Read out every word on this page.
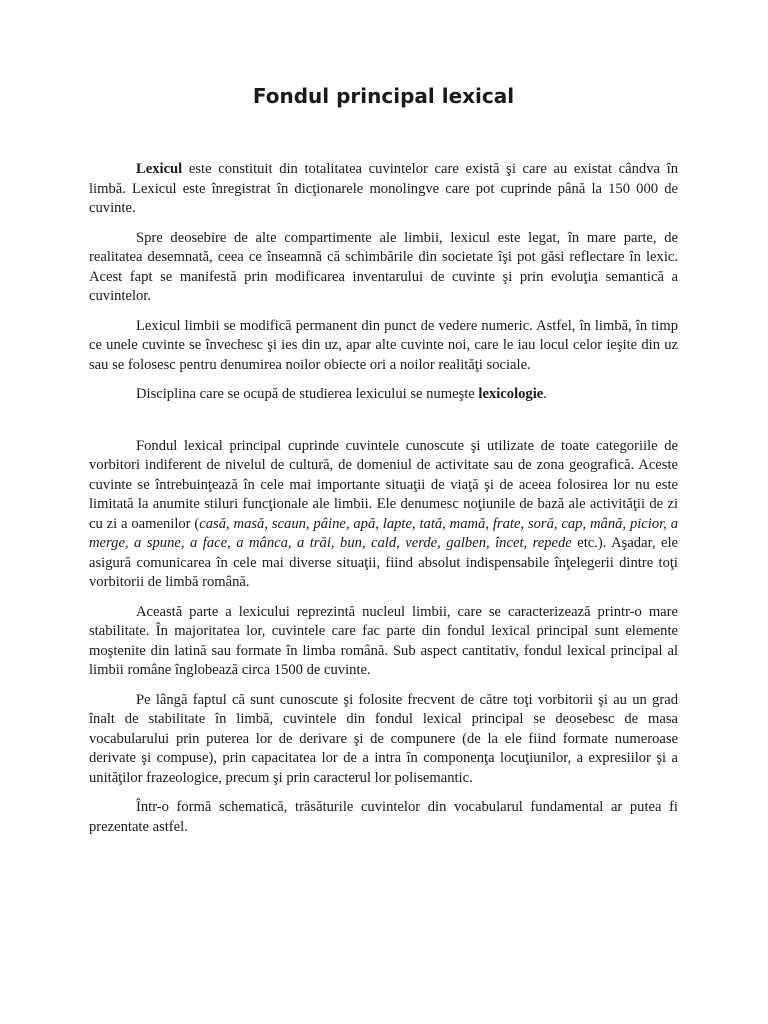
Fondul principal lexical

Lexicul este constituit din totalitatea cuvintelor care există şi care au existat cândva în limbă. Lexicul este înregistrat în dicţionarele monolingve care pot cuprinde până la 150 000 de cuvinte.

Spre deosebire de alte compartimente ale limbii, lexicul este legat, în mare parte, de realitatea desemnată, ceea ce înseamnă că schimbările din societate îşi pot găsi reflectare în lexic. Acest fapt se manifestă prin modificarea inventarului de cuvinte şi prin evoluţia semantică a cuvintelor.

Lexicul limbii se modifică permanent din punct de vedere numeric. Astfel, în limbă, în timp ce unele cuvinte se învechesc şi ies din uz, apar alte cuvinte noi, care le iau locul celor ieşite din uz sau se folosesc pentru denumirea noilor obiecte ori a noilor realităţi sociale.

Disciplina care se ocupă de studierea lexicului se numeşte lexicologie.

Fondul lexical principal cuprinde cuvintele cunoscute şi utilizate de toate categoriile de vorbitori indiferent de nivelul de cultură, de domeniul de activitate sau de zona geografică. Aceste cuvinte se întrebuinţează în cele mai importante situaţii de viaţă şi de aceea folosirea lor nu este limitată la anumite stiluri funcţionale ale limbii. Ele denumesc noţiunile de bază ale activităţii de zi cu zi a oamenilor (casă, masă, scaun, pâine, apă, lapte, tată, mamă, frate, soră, cap, mână, picior, a merge, a spune, a face, a mânca, a trăi, bun, cald, verde, galben, încet, repede etc.). Aşadar, ele asigură comunicarea în cele mai diverse situaţii, fiind absolut indispensabile înţelegerii dintre toţi vorbitorii de limbă română.

Această parte a lexicului reprezintă nucleul limbii, care se caracterizează printr-o mare stabilitate. În majoritatea lor, cuvintele care fac parte din fondul lexical principal sunt elemente moştenite din latină sau formate în limba română. Sub aspect cantitativ, fondul lexical principal al limbii române înglobează circa 1500 de cuvinte.

Pe lângă faptul că sunt cunoscute şi folosite frecvent de către toţi vorbitorii şi au un grad înalt de stabilitate în limbă, cuvintele din fondul lexical principal se deosebesc de masa vocabularului prin puterea lor de derivare şi de compunere (de la ele fiind formate numeroase derivate şi compuse), prin capacitatea lor de a intra în componenţa locuţiunilor, a expresiilor şi a unităţilor frazeologice, precum şi prin caracterul lor polisemantic.

Într-o formă schematică, trăsăturile cuvintelor din vocabularul fundamental ar putea fi prezentate astfel.
